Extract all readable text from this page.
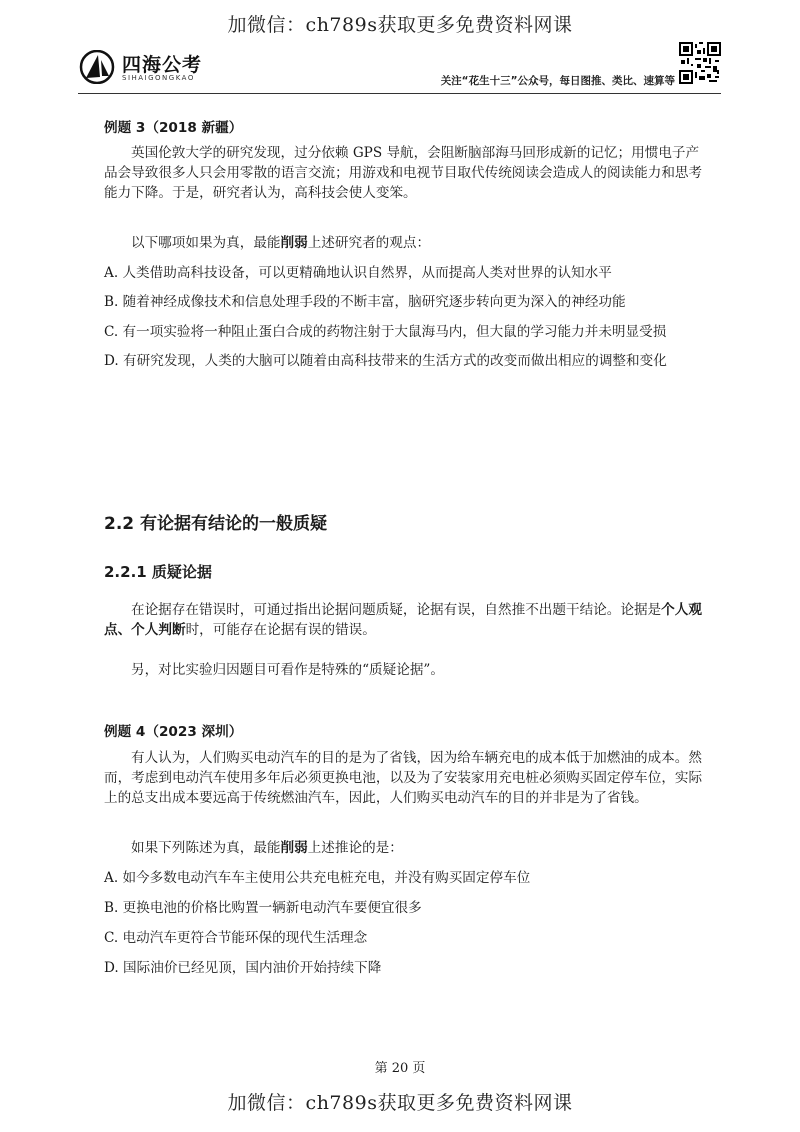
加微信：ch789s获取更多免费资料网课
四海公考
SIHAIGONGKAO	关注“花生十三”公众号，每日图推、类比、速算等
例题 3（2018 新疆）
英国伦敦大学的研究发现，过分依赖 GPS 导航，会阻断脑部海马回形成新的记忆；用惯电子产品会导致很多人只会用零散的语言交流；用游戏和电视节目取代传统阅读会造成人的阅读能力和思考能力下降。于是，研究者认为，高科技会使人变笨。
以下哪项如果为真，最能削弱上述研究者的观点：
A. 人类借助高科技设备，可以更精确地认识自然界，从而提高人类对世界的认知水平
B. 随着神经成像技术和信息处理手段的不断丰富，脑研究逐步转向更为深入的神经功能
C. 有一项实验将一种阻止蛋白合成的药物注射于大鼠海马内，但大鼠的学习能力并未明显受损
D. 有研究发现，人类的大脑可以随着由高科技带来的生活方式的改变而做出相应的调整和变化
2.2 有论据有结论的一般质疑
2.2.1 质疑论据
在论据存在错误时，可通过指出论据问题质疑，论据有误，自然推不出题干结论。论据是个人观点、个人判断时，可能存在论据有误的错误。
另，对比实验归因题目可看作是特殊的“质疑论据”。
例题 4（2023 深圳）
有人认为，人们购买电动汽车的目的是为了省钱，因为给车辆充电的成本低于加燃油的成本。然而，考虑到电动汽车使用多年后必须更换电池，以及为了安装家用充电桩必须购买固定停车位，实际上的总支出成本要远高于传统燃油汽车，因此，人们购买电动汽车的目的并非是为了省钱。
如果下列陈述为真，最能削弱上述推论的是：
A. 如今多数电动汽车车主使用公共充电桩充电，并没有购买固定停车位
B. 更换电池的价格比购置一辆新电动汽车要便宜很多
C. 电动汽车更符合节能环保的现代生活理念
D. 国际油价已经见顶，国内油价开始持续下降
第 20 页
加微信：ch789s获取更多免费资料网课
